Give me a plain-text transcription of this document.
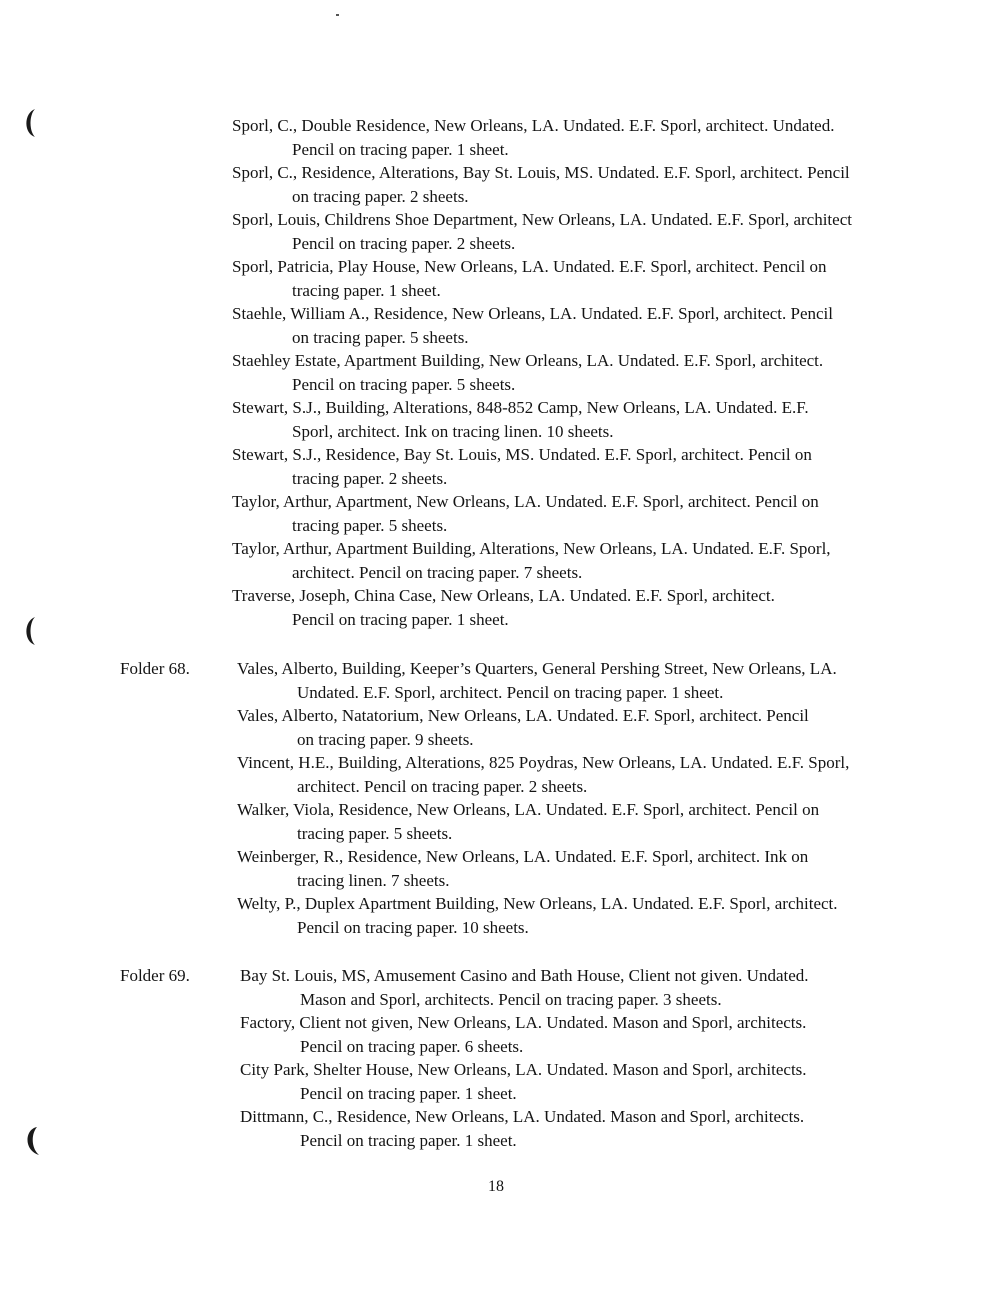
Sporl, C., Double Residence, New Orleans, LA. Undated. E.F. Sporl, architect. Undated.
Pencil on tracing paper. 1 sheet.
Sporl, C., Residence, Alterations, Bay St. Louis, MS. Undated. E.F. Sporl, architect. Pencil
on tracing paper. 2 sheets.
Sporl, Louis, Childrens Shoe Department, New Orleans, LA. Undated. E.F. Sporl, architect
Pencil on tracing paper. 2 sheets.
Sporl, Patricia, Play House, New Orleans, LA. Undated. E.F. Sporl, architect. Pencil on
tracing paper. 1 sheet.
Staehle, William A., Residence, New Orleans, LA. Undated. E.F. Sporl, architect. Pencil
on tracing paper. 5 sheets.
Staehley Estate, Apartment Building, New Orleans, LA. Undated. E.F. Sporl, architect.
Pencil on tracing paper. 5 sheets.
Stewart, S.J., Building, Alterations, 848-852 Camp, New Orleans, LA. Undated. E.F.
Sporl, architect. Ink on tracing linen. 10 sheets.
Stewart, S.J., Residence, Bay St. Louis, MS. Undated. E.F. Sporl, architect. Pencil on
tracing paper. 2 sheets.
Taylor, Arthur, Apartment, New Orleans, LA. Undated. E.F. Sporl, architect. Pencil on
tracing paper. 5 sheets.
Taylor, Arthur, Apartment Building, Alterations, New Orleans, LA. Undated. E.F. Sporl,
architect. Pencil on tracing paper. 7 sheets.
Traverse, Joseph, China Case, New Orleans, LA. Undated. E.F. Sporl, architect.
Pencil on tracing paper. 1 sheet.
Folder 68.	Vales, Alberto, Building, Keeper’s Quarters, General Pershing Street, New Orleans, LA.
Undated. E.F. Sporl, architect. Pencil on tracing paper. 1 sheet.
Vales, Alberto, Natatorium, New Orleans, LA. Undated. E.F. Sporl, architect. Pencil
on tracing paper. 9 sheets.
Vincent, H.E., Building, Alterations, 825 Poydras, New Orleans, LA. Undated. E.F. Sporl,
architect. Pencil on tracing paper. 2 sheets.
Walker, Viola, Residence, New Orleans, LA. Undated. E.F. Sporl, architect. Pencil on
tracing paper. 5 sheets.
Weinberger, R., Residence, New Orleans, LA. Undated. E.F. Sporl, architect. Ink on
tracing linen. 7 sheets.
Welty, P., Duplex Apartment Building, New Orleans, LA. Undated. E.F. Sporl, architect.
Pencil on tracing paper. 10 sheets.
Folder 69.	Bay St. Louis, MS, Amusement Casino and Bath House, Client not given. Undated.
Mason and Sporl, architects. Pencil on tracing paper. 3 sheets.
Factory, Client not given, New Orleans, LA. Undated. Mason and Sporl, architects.
Pencil on tracing paper. 6 sheets.
City Park, Shelter House, New Orleans, LA. Undated. Mason and Sporl, architects.
Pencil on tracing paper. 1 sheet.
Dittmann, C., Residence, New Orleans, LA. Undated. Mason and Sporl, architects.
Pencil on tracing paper. 1 sheet.
18
